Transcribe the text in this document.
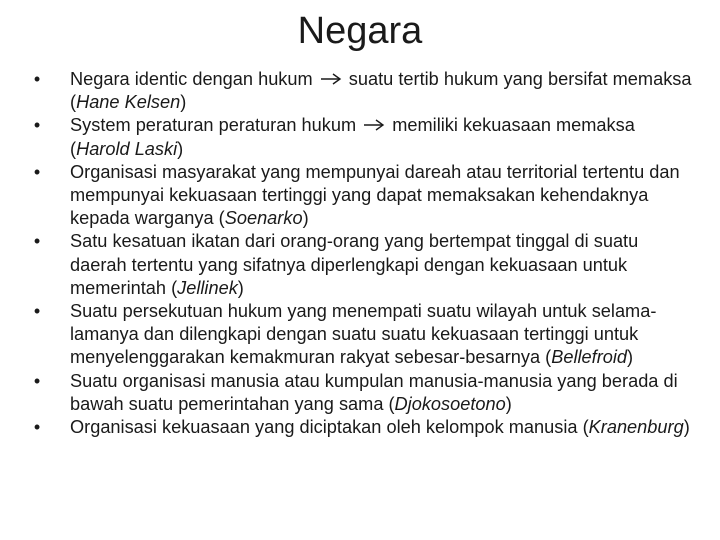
Negara
• Negara identic dengan hukum suatu tertib hukum yang bersifat memaksa (Hane Kelsen)
• System peraturan peraturan hukum memiliki kekuasaan memaksa (Harold Laski)
• Organisasi masyarakat yang mempunyai dareah atau territorial tertentu dan mempunyai kekuasaan tertinggi yang dapat memaksakan kehendaknya kepada warganya (Soenarko)
• Satu kesatuan ikatan dari orang-orang yang bertempat tinggal di suatu daerah tertentu yang sifatnya diperlengkapi dengan kekuasaan untuk memerintah (Jellinek)
• Suatu persekutuan hukum yang menempati suatu wilayah untuk selama-lamanya dan dilengkapi dengan suatu suatu kekuasaan tertinggi untuk menyelenggarakan kemakmuran rakyat sebesar-besarnya (Bellefroid)
• Suatu organisasi manusia atau kumpulan manusia-manusia yang berada di bawah suatu pemerintahan yang sama (Djokosoetono)
• Organisasi kekuasaan yang diciptakan oleh kelompok manusia (Kranenburg)
